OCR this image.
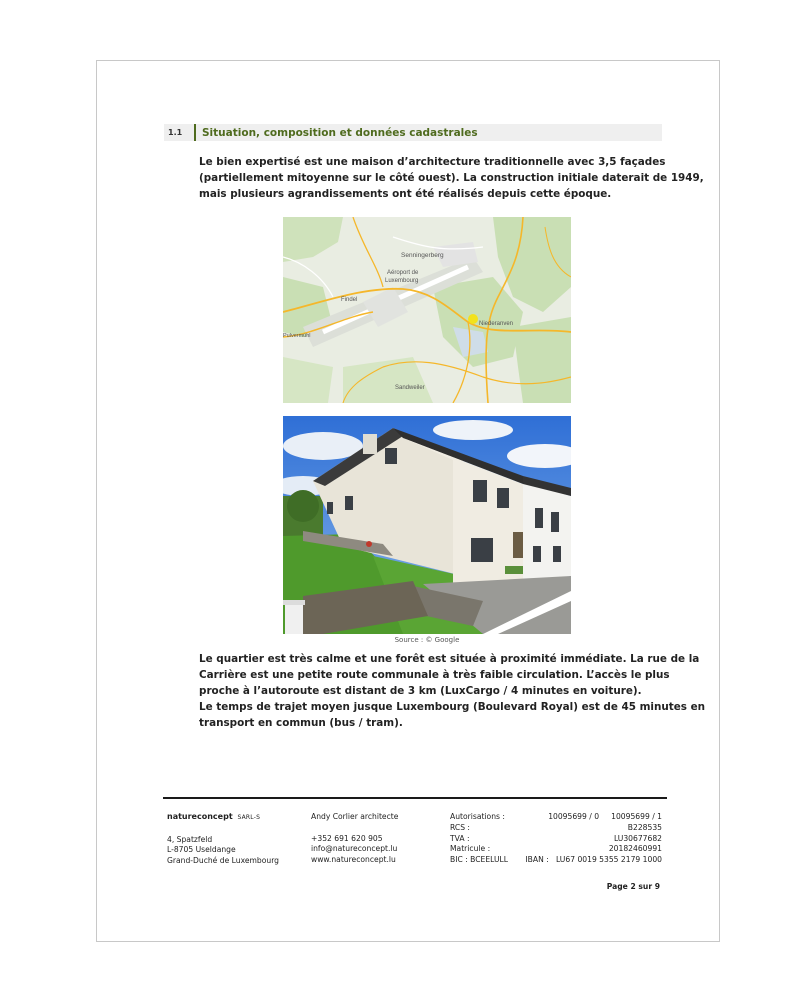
1.1	Situation, composition et données cadastrales

Le bien expertisé est une maison d’architecture traditionnelle avec 3,5 façades
(partiellement mitoyenne sur le côté ouest). La construction initiale daterait de 1949,
mais plusieurs agrandissements ont été réalisés depuis cette époque.

Senningerberg
Aéroport de
Luxembourg
Findel
Niederanven
Sandweiler
Pulvermühl
Source : © Google

Le quartier est très calme et une forêt est située à proximité immédiate. La rue de la
Carrière est une petite route communale à très faible circulation. L’accès le plus
proche à l’autoroute est distant de 3 km (LuxCargo / 4 minutes en voiture).
Le temps de trajet moyen jusque Luxembourg (Boulevard Royal) est de 45 minutes en
transport en commun (bus / tram).

natureconcept SARL-S

4, Spatzfeld
L-8705 Useldange
Grand-Duché de Luxembourg
Andy Corlier architecte

+352 691 620 905
info@natureconcept.lu
www.natureconcept.lu
Autorisations :
RCS :
TVA :
Matricule :
BIC : BCEELULL
10095699 / 0     10095699 / 1
B228535
LU30677682
20182460991
IBAN :   LU67 0019 5355 2179 1000
Page 2 sur 9
